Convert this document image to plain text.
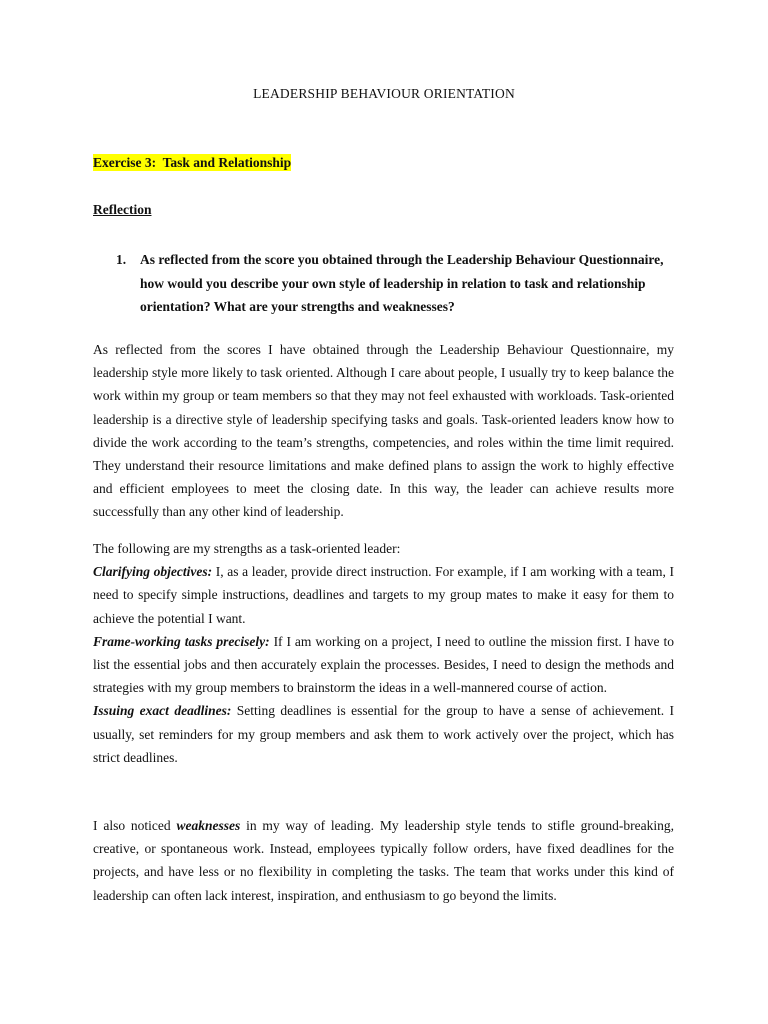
LEADERSHIP BEHAVIOUR ORIENTATION
Exercise 3:  Task and Relationship
Reflection
1. As reflected from the score you obtained through the Leadership Behaviour Questionnaire, how would you describe your own style of leadership in relation to task and relationship orientation? What are your strengths and weaknesses?

As reflected from the scores I have obtained through the Leadership Behaviour Questionnaire, my leadership style more likely to task oriented. Although I care about people, I usually try to keep balance the work within my group or team members so that they may not feel exhausted with workloads. Task-oriented leadership is a directive style of leadership specifying tasks and goals. Task-oriented leaders know how to divide the work according to the team’s strengths, competencies, and roles within the time limit required. They understand their resource limitations and make defined plans to assign the work to highly effective and efficient employees to meet the closing date. In this way, the leader can achieve results more successfully than any other kind of leadership.

The following are my strengths as a task-oriented leader:

Clarifying objectives: I, as a leader, provide direct instruction. For example, if I am working with a team, I need to specify simple instructions, deadlines and targets to my group mates to make it easy for them to achieve the potential I want.

Frame-working tasks precisely: If I am working on a project, I need to outline the mission first. I have to list the essential jobs and then accurately explain the processes. Besides, I need to design the methods and strategies with my group members to brainstorm the ideas in a well-mannered course of action.

Issuing exact deadlines: Setting deadlines is essential for the group to have a sense of achievement. I usually, set reminders for my group members and ask them to work actively over the project, which has strict deadlines.

I also noticed weaknesses in my way of leading. My leadership style tends to stifle ground-breaking, creative, or spontaneous work. Instead, employees typically follow orders, have fixed deadlines for the projects, and have less or no flexibility in completing the tasks. The team that works under this kind of leadership can often lack interest, inspiration, and enthusiasm to go beyond the limits.
